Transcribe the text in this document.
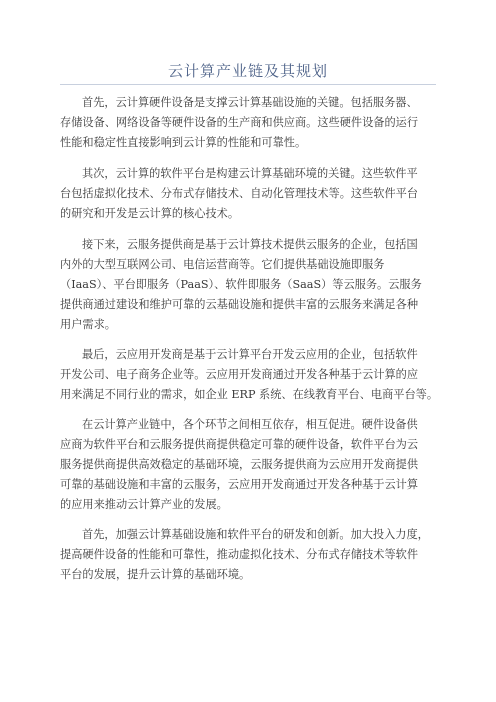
云计算产业链及其规划
首先，云计算硬件设备是支撑云计算基础设施的关键。包括服务器、
存储设备、网络设备等硬件设备的生产商和供应商。这些硬件设备的运行
性能和稳定性直接影响到云计算的性能和可靠性。
其次，云计算的软件平台是构建云计算基础环境的关键。这些软件平
台包括虚拟化技术、分布式存储技术、自动化管理技术等。这些软件平台
的研究和开发是云计算的核心技术。
接下来，云服务提供商是基于云计算技术提供云服务的企业，包括国
内外的大型互联网公司、电信运营商等。它们提供基础设施即服务
（IaaS）、平台即服务（PaaS）、软件即服务（SaaS）等云服务。云服务
提供商通过建设和维护可靠的云基础设施和提供丰富的云服务来满足各种
用户需求。
最后，云应用开发商是基于云计算平台开发云应用的企业，包括软件
开发公司、电子商务企业等。云应用开发商通过开发各种基于云计算的应
用来满足不同行业的需求，如企业 ERP 系统、在线教育平台、电商平台等。
在云计算产业链中，各个环节之间相互依存，相互促进。硬件设备供
应商为软件平台和云服务提供商提供稳定可靠的硬件设备，软件平台为云
服务提供商提供高效稳定的基础环境，云服务提供商为云应用开发商提供
可靠的基础设施和丰富的云服务，云应用开发商通过开发各种基于云计算
的应用来推动云计算产业的发展。
首先，加强云计算基础设施和软件平台的研发和创新。加大投入力度，
提高硬件设备的性能和可靠性，推动虚拟化技术、分布式存储技术等软件
平台的发展，提升云计算的基础环境。
